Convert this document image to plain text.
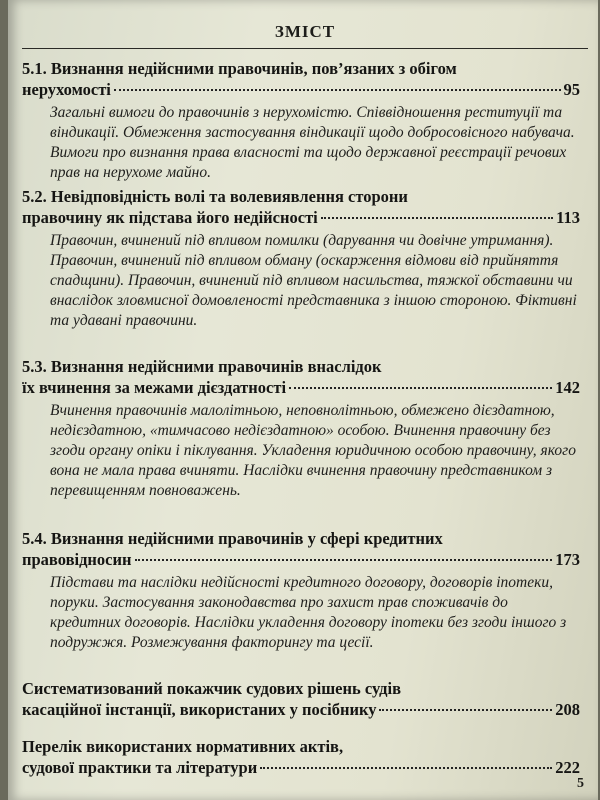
ЗМІСТ

5.1. Визнання недійсними правочинів, пов’язаних з обігом

нерухомості	95

Загальні вимоги до правочинів з нерухомістю. Співвідношення реституції та віндикації. Обмеження застосування віндикації щодо добросовісного набувача. Вимоги про визнання права власності та щодо державної реєстрації речових прав на нерухоме майно.

5.2. Невідповідність волі та волевиявлення сторони

правочину як підстава його недійсності	113

Правочин, вчинений під впливом помилки (дарування чи довічне утримання). Правочин, вчинений під впливом обману (оскарження відмови від прийняття спадщини). Правочин, вчинений під впливом насильства, тяжкої обставини чи внаслідок зловмисної домовленості представника з іншою стороною. Фіктивні та удавані правочини.

5.3. Визнання недійсними правочинів внаслідок

їх вчинення за межами дієздатності	142

Вчинення правочинів малолітньою, неповнолітньою, обмежено дієздатною, недієздатною, «тимчасово недієздатною» особою. Вчинення правочину без згоди органу опіки і піклування. Укладення юридичною особою правочину, якого вона не мала права вчиняти. Наслідки вчинення правочину представником з перевищенням повноважень.

5.4. Визнання недійсними правочинів у сфері кредитних

правовідносин	173

Підстави та наслідки недійсності кредитного договору, договорів іпотеки, поруки. Застосування законодавства про захист прав споживачів до кредитних договорів. Наслідки укладення договору іпотеки без згоди іншого з подружжя. Розмежування факторингу та цесії.

Систематизований покажчик судових рішень судів

касаційної інстанції, використаних у посібнику	208

Перелік використаних нормативних актів,

судової практики та літератури	222
5
